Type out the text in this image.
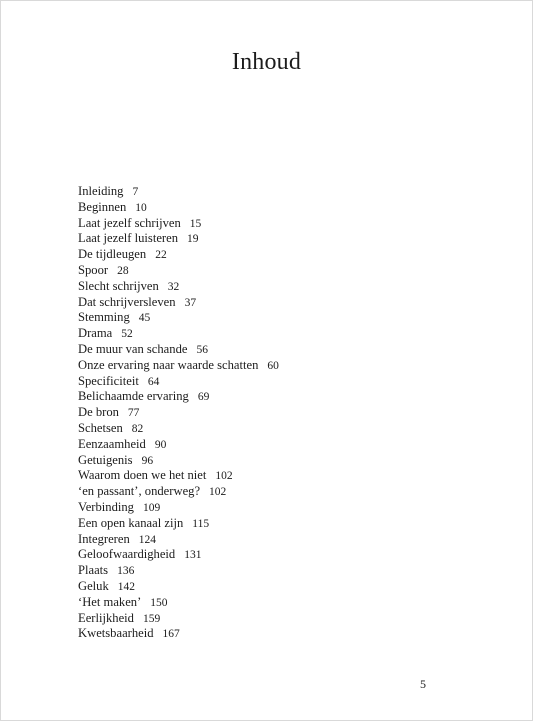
Inhoud
Inleiding 7
Beginnen 10
Laat jezelf schrijven 15
Laat jezelf luisteren 19
De tijdleugen 22
Spoor 28
Slecht schrijven 32
Dat schrijversleven 37
Stemming 45
Drama 52
De muur van schande 56
Onze ervaring naar waarde schatten 60
Specificiteit 64
Belichaamde ervaring 69
De bron 77
Schetsen 82
Eenzaamheid 90
Getuigenis 96
Waarom doen we het niet 102
‘en passant’, onderweg? 102
Verbinding 109
Een open kanaal zijn 115
Integreren 124
Geloofwaardigheid 131
Plaats 136
Geluk 142
‘Het maken’ 150
Eerlijkheid 159
Kwetsbaarheid 167
5
